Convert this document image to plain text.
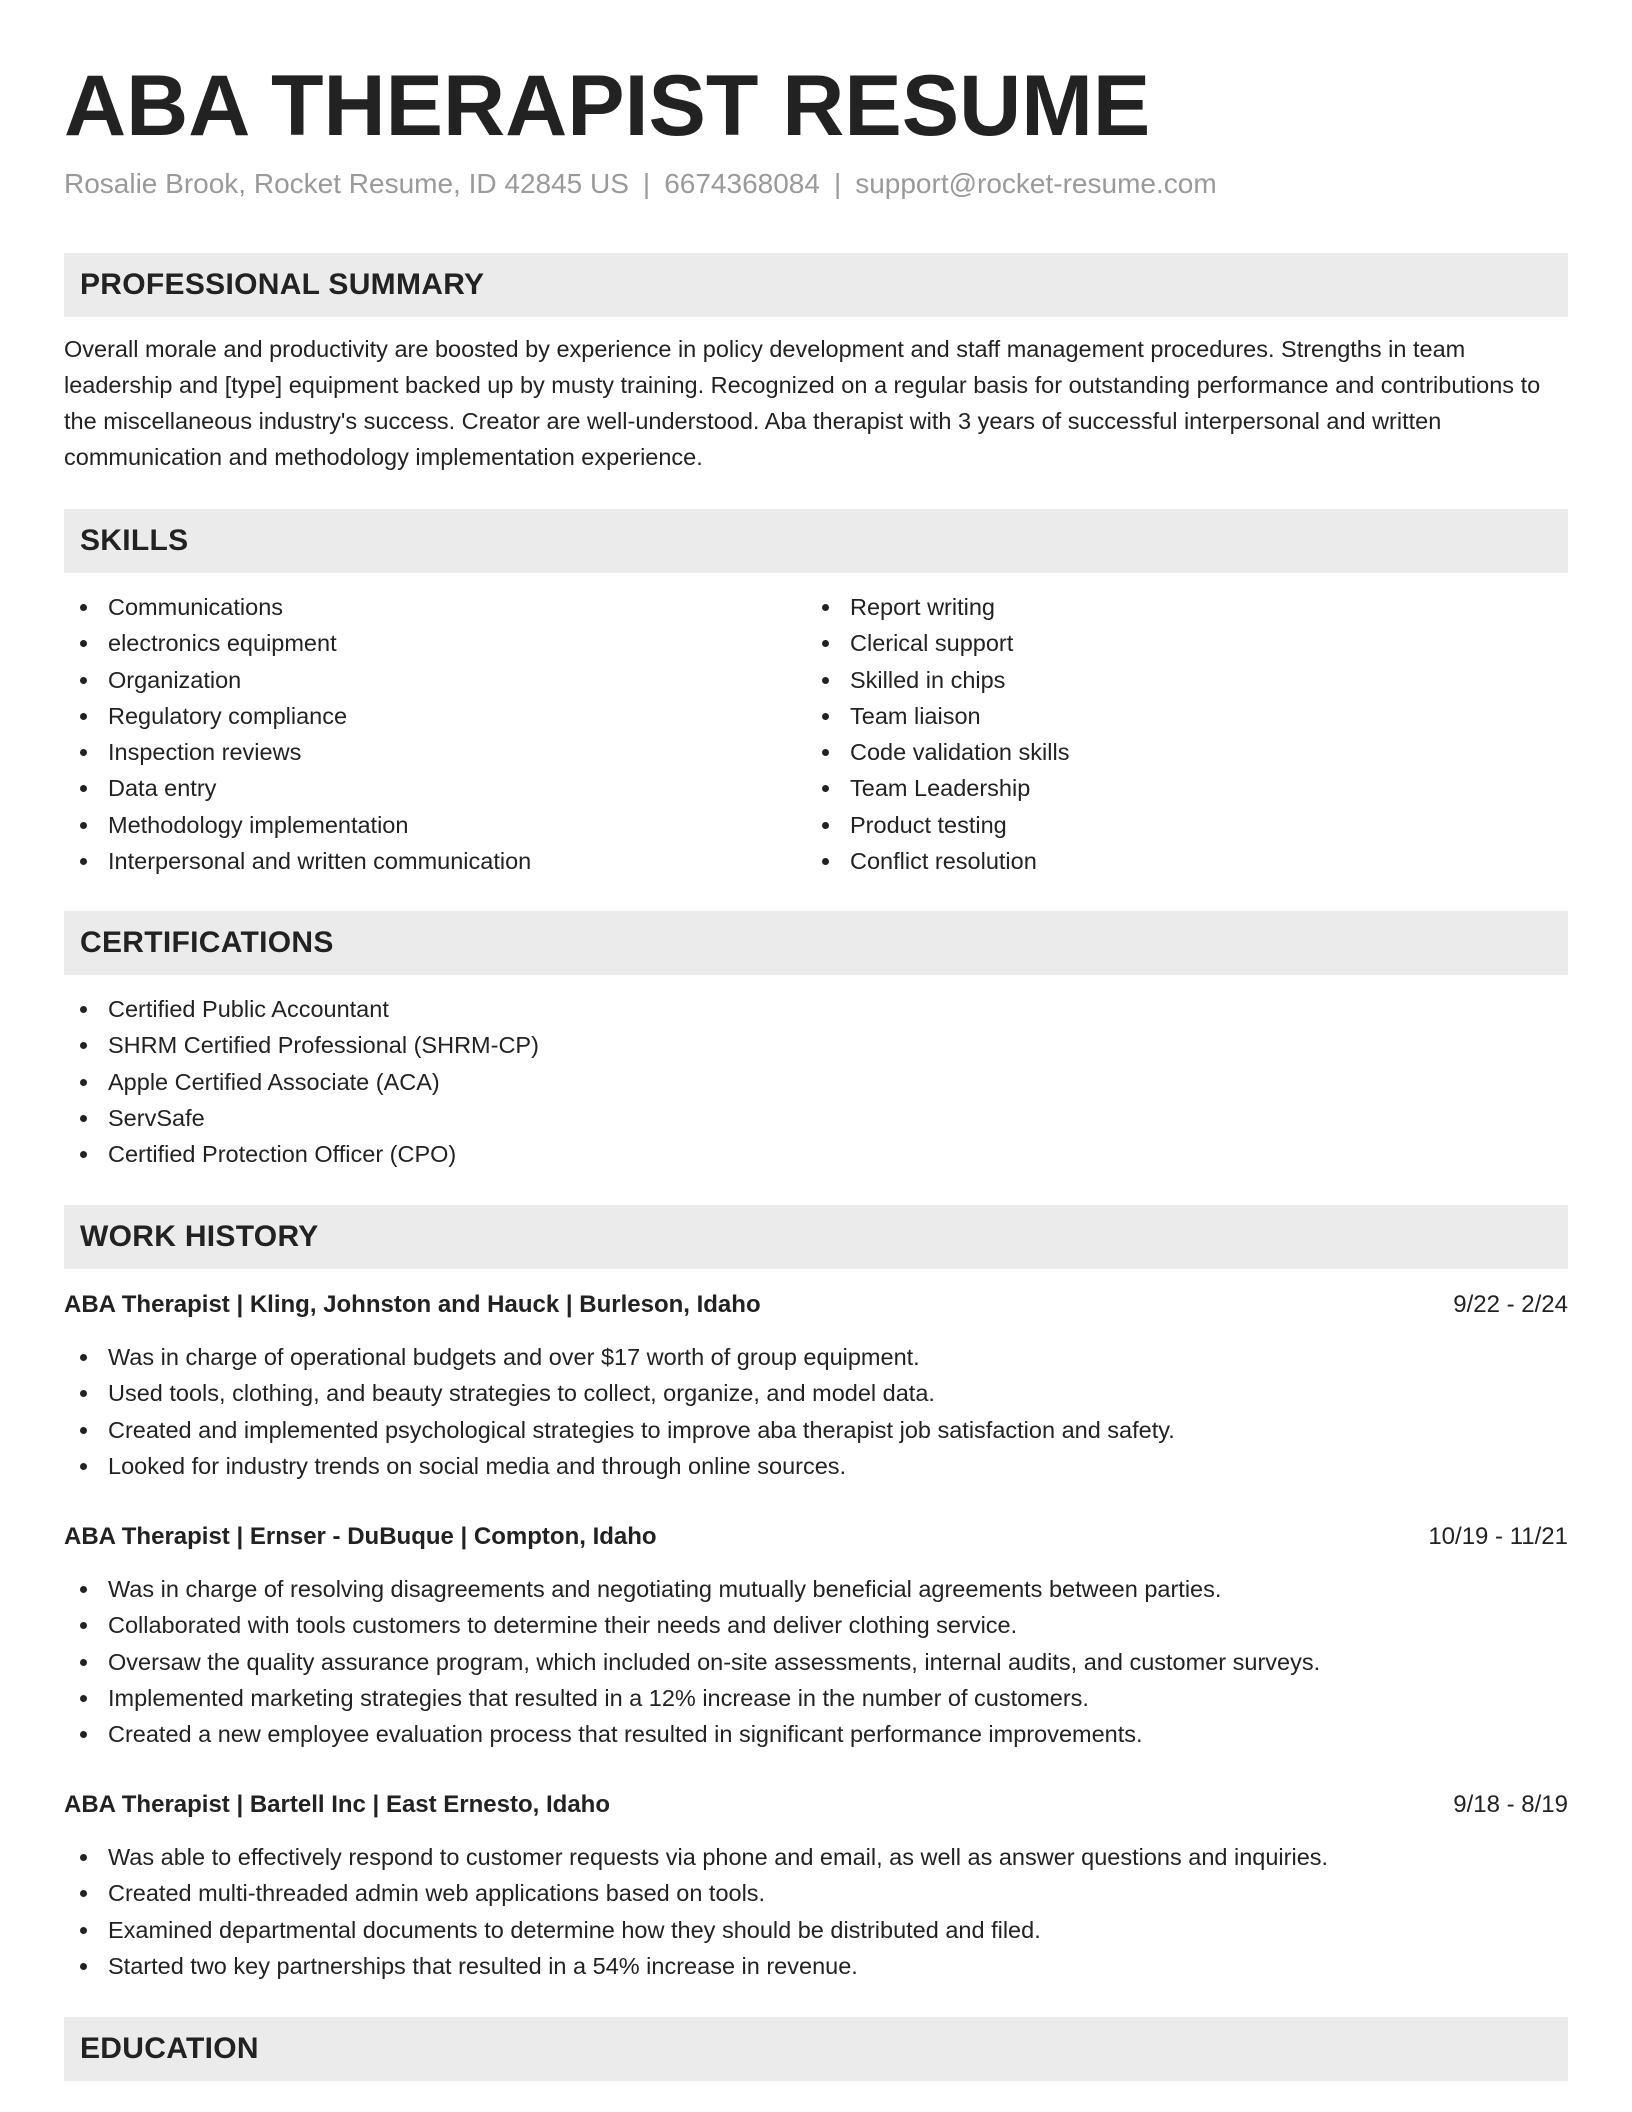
ABA THERAPIST RESUME
Rosalie Brook, Rocket Resume, ID 42845 US | 6674368084 | support@rocket-resume.com
PROFESSIONAL SUMMARY

Overall morale and productivity are boosted by experience in policy development and staff management procedures. Strengths in team leadership and [type] equipment backed up by musty training. Recognized on a regular basis for outstanding performance and contributions to the miscellaneous industry's success. Creator are well-understood. Aba therapist with 3 years of successful interpersonal and written communication and methodology implementation experience.

SKILLS
Communications
electronics equipment
Organization
Regulatory compliance
Inspection reviews
Data entry
Methodology implementation
Interpersonal and written communication
Report writing
Clerical support
Skilled in chips
Team liaison
Code validation skills
Team Leadership
Product testing
Conflict resolution
CERTIFICATIONS
Certified Public Accountant
SHRM Certified Professional (SHRM-CP)
Apple Certified Associate (ACA)
ServSafe
Certified Protection Officer (CPO)
WORK HISTORY
ABA Therapist | Kling, Johnston and Hauck | Burleson, Idaho	9/22 - 2/24
Was in charge of operational budgets and over $17 worth of group equipment.
Used tools, clothing, and beauty strategies to collect, organize, and model data.
Created and implemented psychological strategies to improve aba therapist job satisfaction and safety.
Looked for industry trends on social media and through online sources.
ABA Therapist | Ernser - DuBuque | Compton, Idaho	10/19 - 11/21
Was in charge of resolving disagreements and negotiating mutually beneficial agreements between parties.
Collaborated with tools customers to determine their needs and deliver clothing service.
Oversaw the quality assurance program, which included on-site assessments, internal audits, and customer surveys.
Implemented marketing strategies that resulted in a 12% increase in the number of customers.
Created a new employee evaluation process that resulted in significant performance improvements.
ABA Therapist | Bartell Inc | East Ernesto, Idaho	9/18 - 8/19
Was able to effectively respond to customer requests via phone and email, as well as answer questions and inquiries.
Created multi-threaded admin web applications based on tools.
Examined departmental documents to determine how they should be distributed and filed.
Started two key partnerships that resulted in a 54% increase in revenue.
EDUCATION
